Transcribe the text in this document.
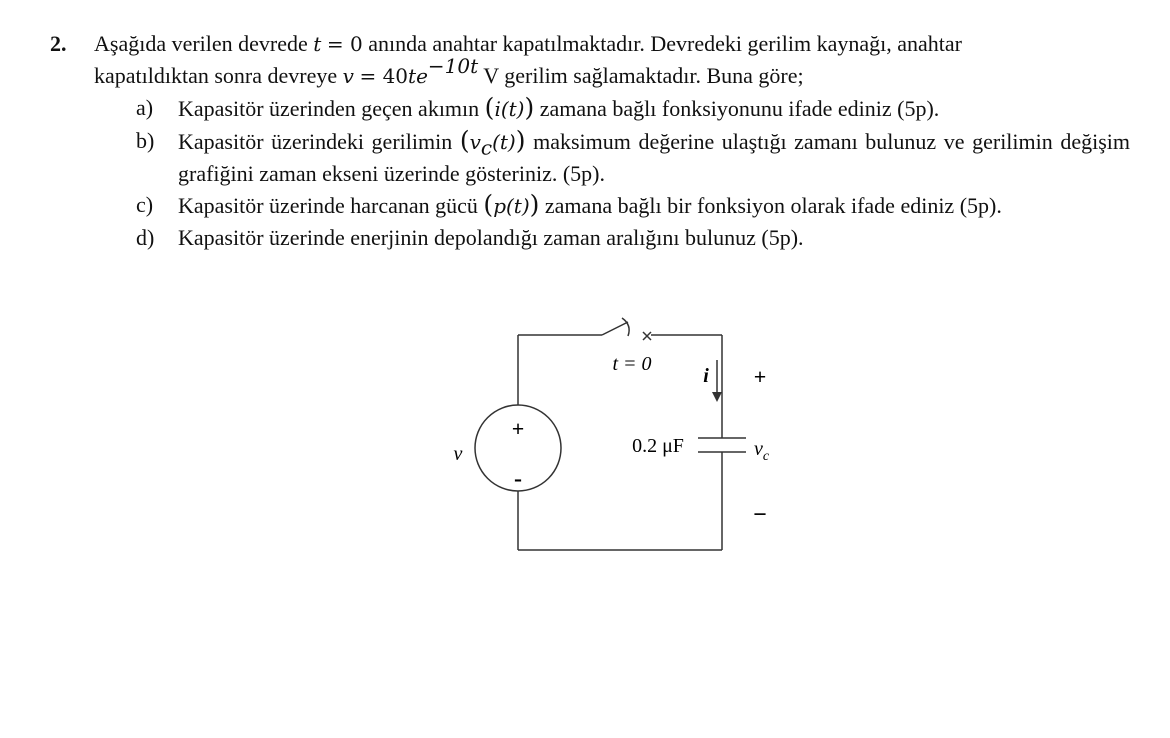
2. Aşağıda verilen devrede t = 0 anında anahtar kapatılmaktadır. Devredeki gerilim kaynağı, anahtar
kapatıldıktan sonra devreye $v = 40te^{-10t}$ V gerilim sağlamaktadır. Buna göre;
a) Kapasitör üzerinden geçen akımın (i(t)) zamana bağlı fonksiyonunu ifade ediniz (5p).
b) Kapasitör üzerindeki gerilimin $(v_c(t))$ maksimum değerine ulaştığı zamanı bulunuz ve gerilimin değişim grafiğini zaman ekseni üzerinde gösteriniz. (5p).
c) Kapasitör üzerinde harcanan gücü (p(t)) zamana bağlı bir fonksiyon olarak ifade ediniz (5p).
d) Kapasitör üzerinde enerjinin depolandığı zaman aralığını bulunuz (5p).
t = 0
i +
−
v
+
-
0.2 μF	$v_c$
